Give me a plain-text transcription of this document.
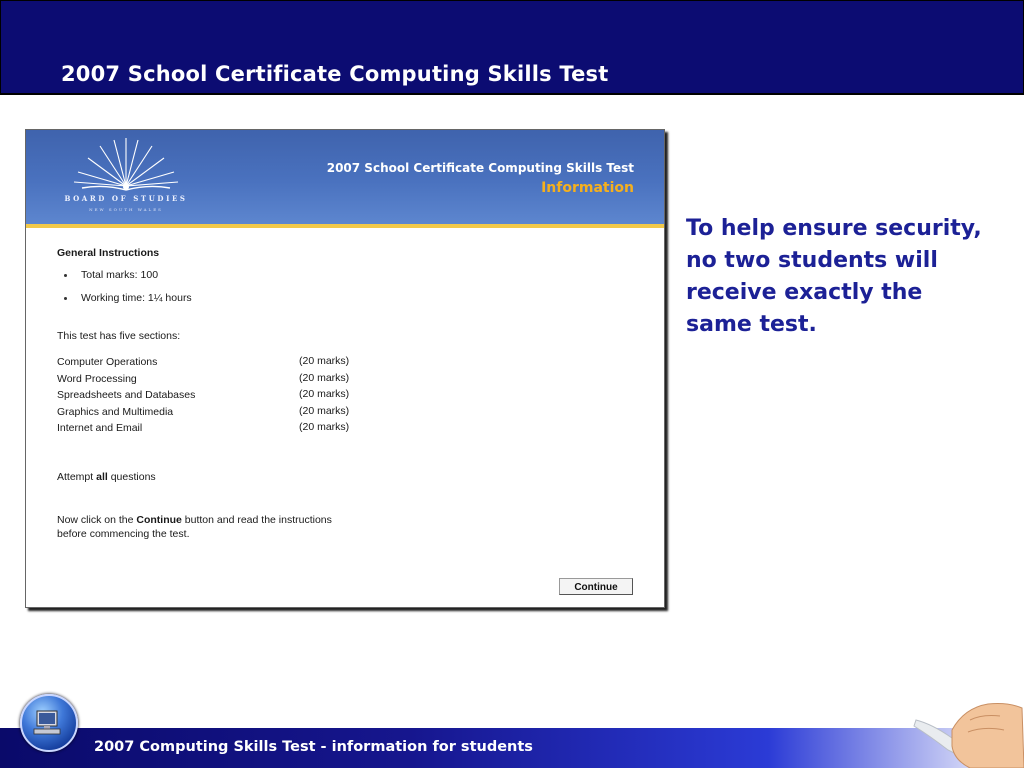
2007 School Certificate Computing Skills Test
BOARD OF STUDIES
NEW SOUTH WALES
2007 School Certificate Computing Skills Test
Information
General Instructions
Total marks: 100
Working time: 1¼ hours
This test has five sections:
Computer Operations	(20 marks)
Word Processing	(20 marks)
Spreadsheets and Databases	(20 marks)
Graphics and Multimedia	(20 marks)
Internet and Email	(20 marks)
Attempt all questions
Now click on the Continue button and read the instructions
before commencing the test.
Continue
To help ensure security, no two students will receive exactly the same test.
2007 Computing Skills Test - information for students
